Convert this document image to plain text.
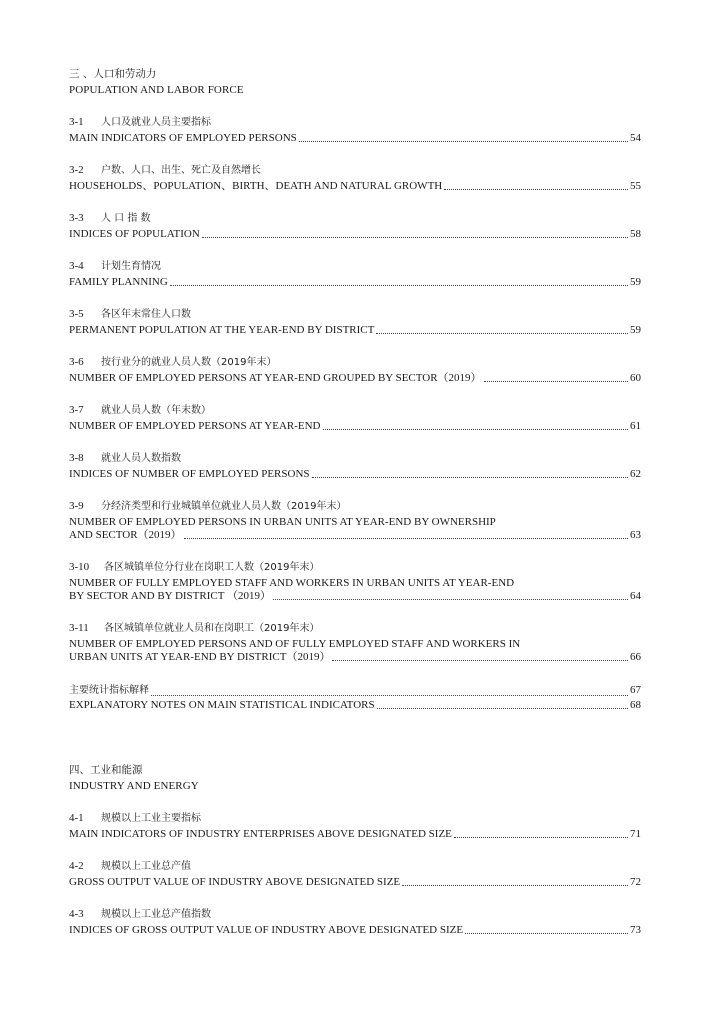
三 、人口和劳动力
POPULATION AND LABOR FORCE
3-1 人口及就业人员主要指标
MAIN INDICATORS OF EMPLOYED PERSONS	54
3-2 户数、人口、出生、死亡及自然增长
HOUSEHOLDS、POPULATION、BIRTH、DEATH AND NATURAL GROWTH	55
3-3 人 口 指 数
INDICES OF POPULATION	58
3-4 计划生育情况
FAMILY PLANNING	59
3-5 各区年末常住人口数
PERMANENT POPULATION AT THE YEAR-END BY DISTRICT	59
3-6 按行业分的就业人员人数（2019年末）
NUMBER OF EMPLOYED PERSONS AT YEAR-END GROUPED BY SECTOR（2019）	60
3-7 就业人员人数（年末数）
NUMBER OF EMPLOYED PERSONS AT YEAR-END	61
3-8 就业人员人数指数
INDICES OF NUMBER OF EMPLOYED PERSONS	62
3-9 分经济类型和行业城镇单位就业人员人数（2019年末）
NUMBER OF EMPLOYED PERSONS IN URBAN UNITS AT YEAR-END BY OWNERSHIP
AND SECTOR（2019）	63
3-10 各区城镇单位分行业在岗职工人数（2019年末）
NUMBER OF FULLY EMPLOYED STAFF AND WORKERS IN URBAN UNITS AT YEAR-END
BY SECTOR AND BY DISTRICT （2019）	64
3-11 各区城镇单位就业人员和在岗职工（2019年末）
NUMBER OF EMPLOYED PERSONS AND OF FULLY EMPLOYED STAFF AND WORKERS IN
URBAN UNITS AT YEAR-END BY DISTRICT（2019）	66
主要统计指标解释	67
EXPLANATORY NOTES ON MAIN STATISTICAL INDICATORS	68
四、工业和能源
INDUSTRY AND ENERGY
4-1 规模以上工业主要指标
MAIN INDICATORS OF INDUSTRY ENTERPRISES ABOVE DESIGNATED SIZE	71
4-2 规模以上工业总产值
GROSS OUTPUT VALUE OF INDUSTRY ABOVE DESIGNATED SIZE	72
4-3 规模以上工业总产值指数
INDICES OF GROSS OUTPUT VALUE OF INDUSTRY ABOVE DESIGNATED SIZE	73
